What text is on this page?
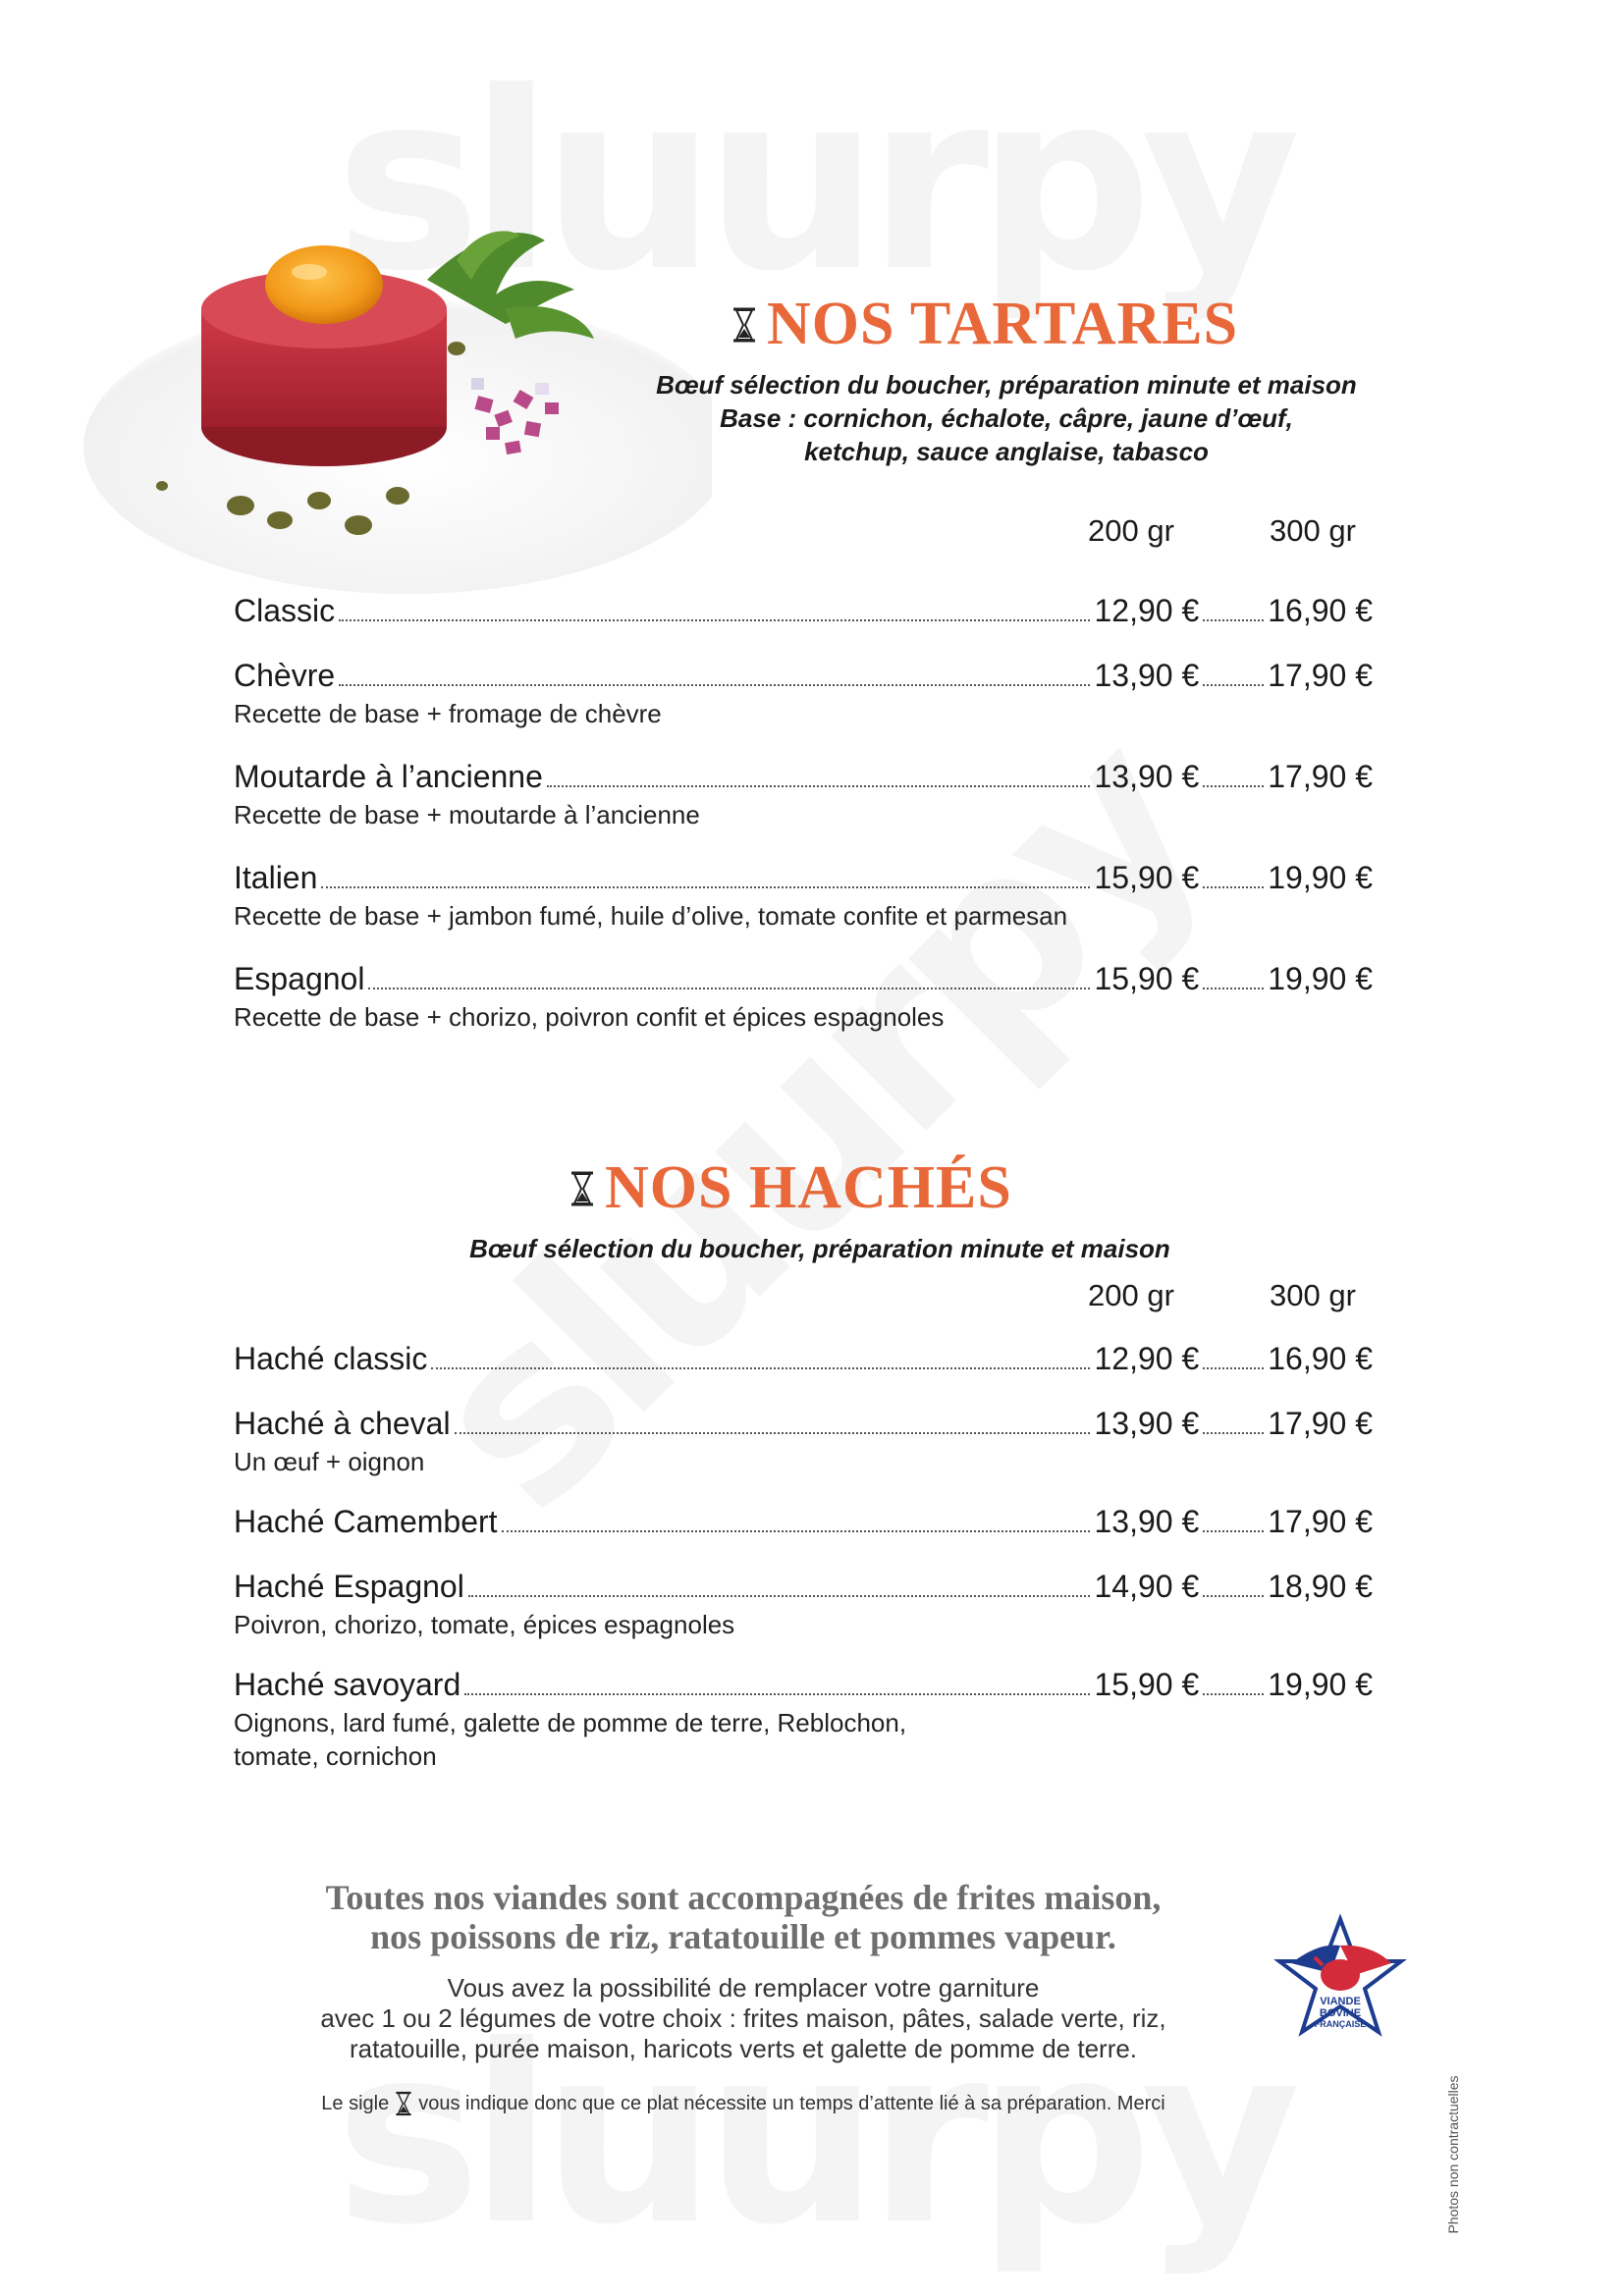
NOS TARTARES
Bœuf sélection du boucher, préparation minute et maison
Base : cornichon, échalote, câpre, jaune d’œuf,
ketchup, sauce anglaise, tabasco
200 gr	300 gr
Classic	12,90 € 16,90 €
Chèvre	13,90 € 17,90 €
Recette de base + fromage de chèvre
Moutarde à l’ancienne	13,90 € 17,90 €
Recette de base + moutarde à l’ancienne
Italien	15,90 € 19,90 €
Recette de base + jambon fumé, huile d’olive, tomate confite et parmesan
Espagnol	15,90 € 19,90 €
Recette de base + chorizo, poivron confit et épices espagnoles
NOS HACHÉS
Bœuf sélection du boucher, préparation minute et maison
200 gr	300 gr
Haché classic	12,90 € 16,90 €
Haché à cheval	13,90 € 17,90 €
Un œuf + oignon
Haché Camembert	13,90 € 17,90 €
Haché Espagnol	14,90 € 18,90 €
Poivron, chorizo, tomate, épices espagnoles
Haché savoyard	15,90 € 19,90 €
Oignons, lard fumé, galette de pomme de terre, Reblochon,
tomate, cornichon
Toutes nos viandes sont accompagnées de frites maison,
nos poissons de riz, ratatouille et pommes vapeur.
Vous avez la possibilité de remplacer votre garniture
avec 1 ou 2 légumes de votre choix : frites maison, pâtes, salade verte, riz,
ratatouille, purée maison, haricots verts et galette de pomme de terre.
Le sigle vous indique donc que ce plat nécessite un temps d’attente lié à sa préparation. Merci
VIANDE
BOVINE
FRANÇAISE
Photos non contractuelles
